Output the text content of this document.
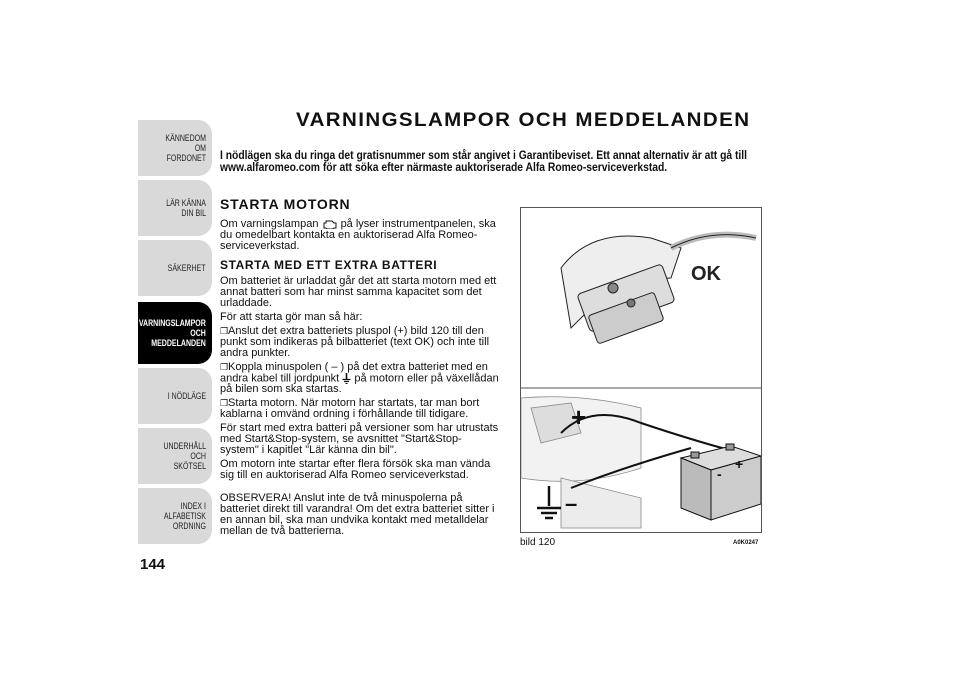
KÄNNEDOM OM
FORDONET
LÄR KÄNNA DIN BIL
SÄKERHET
VARNINGSLAMPOR
OCH
MEDDELANDEN
I NÖDLÄGE
UNDERHÅLL OCH
SKÖTSEL
INDEX I ALFABETISK
ORDNING
144
VARNINGSLAMPOR OCH MEDDELANDEN
I nödlägen ska du ringa det gratisnummer som står angivet i Garantibeviset. Ett annat alternativ är att gå till www.alfaromeo.com för att söka efter närmaste auktoriserade Alfa Romeo-serviceverkstad.
STARTA MOTORN

Om varningslampan på lyser instrumentpanelen, ska du omedelbart kontakta en auktoriserad Alfa Romeo-serviceverkstad.

STARTA MED ETT EXTRA BATTERI

Om batteriet är urladdat går det att starta motorn med ett annat batteri som har minst samma kapacitet som det urladdade.

För att starta gör man så här:

❐Anslut det extra batteriets pluspol (+) bild 120 till den punkt som indikeras på bilbatteriet (text OK) och inte till andra punkter.

❐Koppla minuspolen ( – ) på det extra batteriet med en andra kabel till jordpunkt på motorn eller på växellådan på bilen som ska startas.

❐Starta motorn. När motorn har startats, tar man bort kablarna i omvänd ordning i förhållande till tidigare.

För start med extra batteri på versioner som har utrustats med Start&Stop-system, se avsnittet "Start&Stop-system" i kapitlet "Lär känna din bil".

Om motorn inte startar efter flera försök ska man vända sig till en auktoriserad Alfa Romeo serviceverkstad.

OBSERVERA! Anslut inte de två minuspolerna på batteriet direkt till varandra! Om det extra batteriet sitter i en annan bil, ska man undvika kontakt med metalldelar mellan de två batterierna.

OK
+
–
-
+
bild 120	A0K0247
